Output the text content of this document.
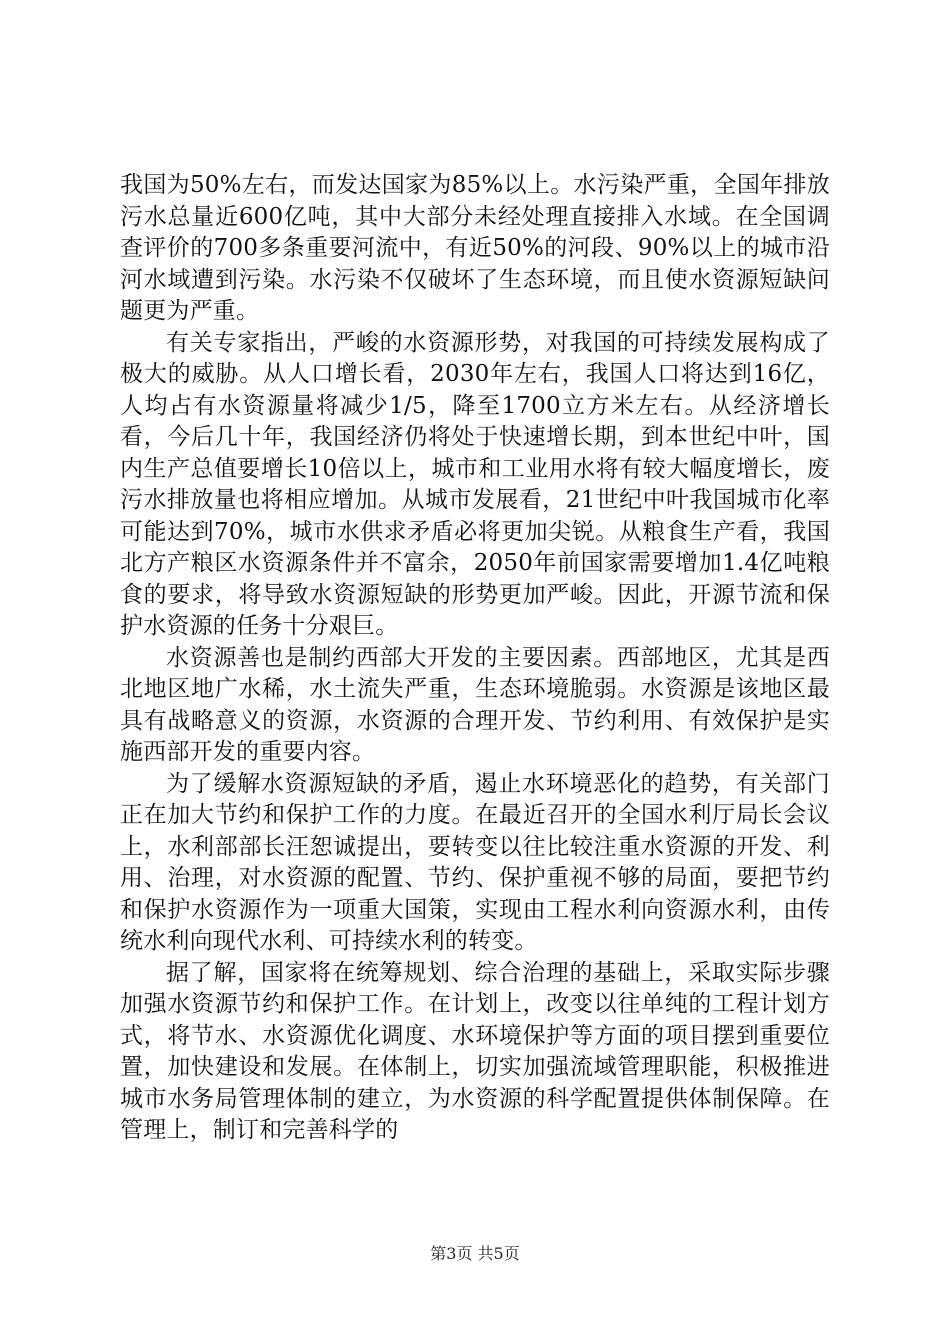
我国为50%左右，而发达国家为85%以上。水污染严重，全国年排放污水总量近600亿吨，其中大部分未经处理直接排入水域。在全国调查评价的700多条重要河流中，有近50%的河段、90%以上的城市沿河水域遭到污染。水污染不仅破坏了生态环境，而且使水资源短缺问题更为严重。

有关专家指出，严峻的水资源形势，对我国的可持续发展构成了极大的威胁。从人口增长看，2030年左右，我国人口将达到16亿，人均占有水资源量将减少1/5，降至1700立方米左右。从经济增长看，今后几十年，我国经济仍将处于快速增长期，到本世纪中叶，国内生产总值要增长10倍以上，城市和工业用水将有较大幅度增长，废污水排放量也将相应增加。从城市发展看，21世纪中叶我国城市化率可能达到70%，城市水供求矛盾必将更加尖锐。从粮食生产看，我国北方产粮区水资源条件并不富余，2050年前国家需要增加1.4亿吨粮食的要求，将导致水资源短缺的形势更加严峻。因此，开源节流和保护水资源的任务十分艰巨。

水资源善也是制约西部大开发的主要因素。西部地区，尤其是西北地区地广水稀，水土流失严重，生态环境脆弱。水资源是该地区最具有战略意义的资源，水资源的合理开发、节约利用、有效保护是实施西部开发的重要内容。

为了缓解水资源短缺的矛盾，遏止水环境恶化的趋势，有关部门正在加大节约和保护工作的力度。在最近召开的全国水利厅局长会议上，水利部部长汪恕诚提出，要转变以往比较注重水资源的开发、利用、治理，对水资源的配置、节约、保护重视不够的局面，要把节约和保护水资源作为一项重大国策，实现由工程水利向资源水利，由传统水利向现代水利、可持续水利的转变。

据了解，国家将在统筹规划、综合治理的基础上，采取实际步骤加强水资源节约和保护工作。在计划上，改变以往单纯的工程计划方式，将节水、水资源优化调度、水环境保护等方面的项目摆到重要位置，加快建设和发展。在体制上，切实加强流域管理职能，积极推进城市水务局管理体制的建立，为水资源的科学配置提供体制保障。在管理上，制订和完善科学的

第3页 共5页
